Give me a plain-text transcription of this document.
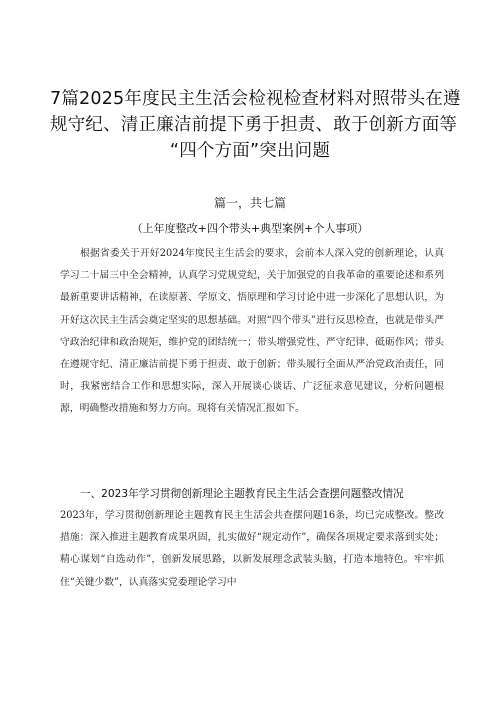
7篇2025年度民主生活会检视检查材料对照带头在遵
规守纪、清正廉洁前提下勇于担责、敢于创新方面等
“四个方面”突出问题
篇一，共七篇
（上年度整改+四个带头+典型案例+个人事项）
根据省委关于开好2024年度民主生活会的要求，会前本人深入党的创新理论，认真学习二十届三中全会精神，认真学习党规党纪，关于加强党的自我革命的重要论述和系列最新重要讲话精神，在读原著、学原文、悟原理和学习讨论中进一步深化了思想认识，为开好这次民主生活会奠定坚实的思想基础。对照“四个带头”进行反思检查，也就是带头严守政治纪律和政治规矩，维护党的团结统一；带头增强党性、严守纪律、砥砺作风；带头在遵规守纪、清正廉洁前提下勇于担责、敢于创新；带头履行全面从严治党政治责任，同时，我紧密结合工作和思想实际，深入开展谈心谈话、广泛征求意见建议，分析问题根源，明确整改措施和努力方向。现将有关情况汇报如下。
一、2023年学习贯彻创新理论主题教育民主生活会查摆问题整改情况
2023年，学习贯彻创新理论主题教育民主生活会共查摆问题16条，均已完成整改。整改措施：深入推进主题教育成果巩固，扎实做好“规定动作”，确保各项规定要求落到实处；精心谋划“自选动作”，创新发展思路，以新发展理念武装头脑，打造本地特色。牢牢抓住“关键少数”，认真落实党委理论学习中
